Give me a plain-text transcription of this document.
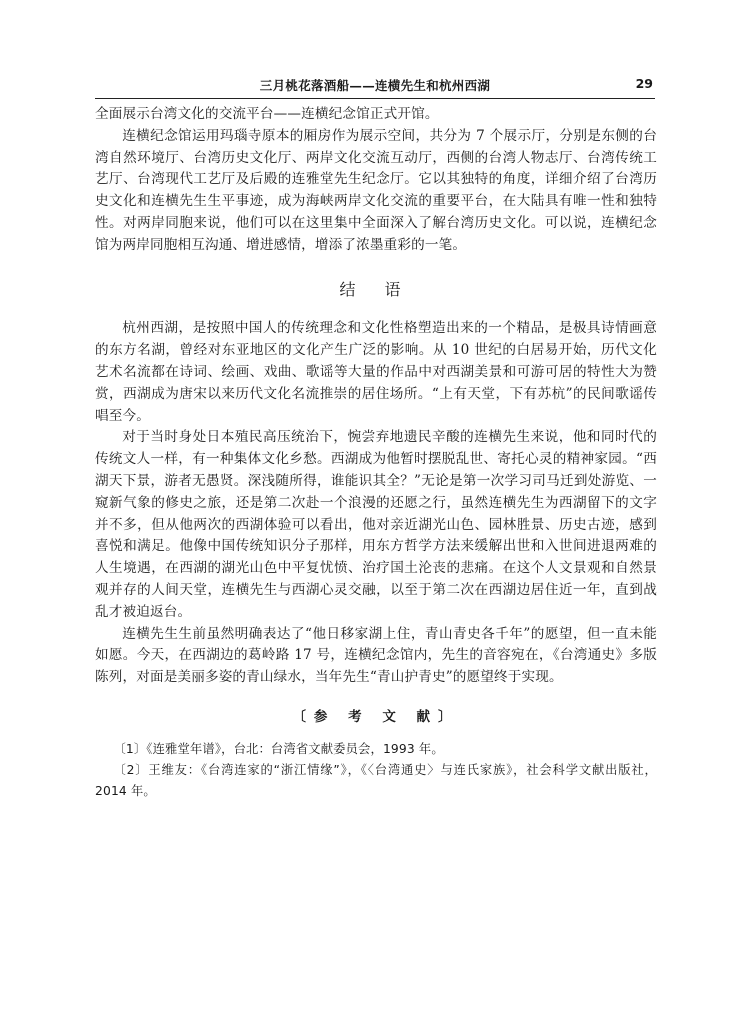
三月桃花落酒船——连横先生和杭州西湖	29

全面展示台湾文化的交流平台——连横纪念馆正式开馆。

连横纪念馆运用玛瑙寺原本的厢房作为展示空间，共分为 7 个展示厅，分别是东侧的台湾自然环境厅、台湾历史文化厅、两岸文化交流互动厅，西侧的台湾人物志厅、台湾传统工艺厅、台湾现代工艺厅及后殿的连雅堂先生纪念厅。它以其独特的角度，详细介绍了台湾历史文化和连横先生生平事迹，成为海峡两岸文化交流的重要平台，在大陆具有唯一性和独特性。对两岸同胞来说，他们可以在这里集中全面深入了解台湾历史文化。可以说，连横纪念馆为两岸同胞相互沟通、增进感情，增添了浓墨重彩的一笔。

结 语

杭州西湖，是按照中国人的传统理念和文化性格塑造出来的一个精品，是极具诗情画意的东方名湖，曾经对东亚地区的文化产生广泛的影响。从 10 世纪的白居易开始，历代文化艺术名流都在诗词、绘画、戏曲、歌谣等大量的作品中对西湖美景和可游可居的特性大为赞赏，西湖成为唐宋以来历代文化名流推崇的居住场所。“上有天堂，下有苏杭”的民间歌谣传唱至今。

对于当时身处日本殖民高压统治下，惋尝弃地遗民辛酸的连横先生来说，他和同时代的传统文人一样，有一种集体文化乡愁。西湖成为他暂时摆脱乱世、寄托心灵的精神家园。“西湖天下景，游者无愚贤。深浅随所得，谁能识其全？”无论是第一次学习司马迁到处游览、一窥新气象的修史之旅，还是第二次赴一个浪漫的还愿之行，虽然连横先生为西湖留下的文字并不多，但从他两次的西湖体验可以看出，他对亲近湖光山色、园林胜景、历史古迹，感到喜悦和满足。他像中国传统知识分子那样，用东方哲学方法来缓解出世和入世间进退两难的人生境遇，在西湖的湖光山色中平复忧愤、治疗国土沦丧的悲痛。在这个人文景观和自然景观并存的人间天堂，连横先生与西湖心灵交融，以至于第二次在西湖边居住近一年，直到战乱才被迫返台。

连横先生生前虽然明确表达了“他日移家湖上住，青山青史各千年”的愿望，但一直未能如愿。今天，在西湖边的葛岭路 17 号，连横纪念馆内，先生的音容宛在，《台湾通史》多版陈列，对面是美丽多姿的青山绿水，当年先生“青山护青史”的愿望终于实现。

〔参 考 文 献〕

〔1〕《连雅堂年谱》，台北：台湾省文献委员会，1993 年。

〔2〕王维友：《台湾连家的“浙江情缘”》，《〈台湾通史〉与连氏家族》，社会科学文献出版社，2014 年。
